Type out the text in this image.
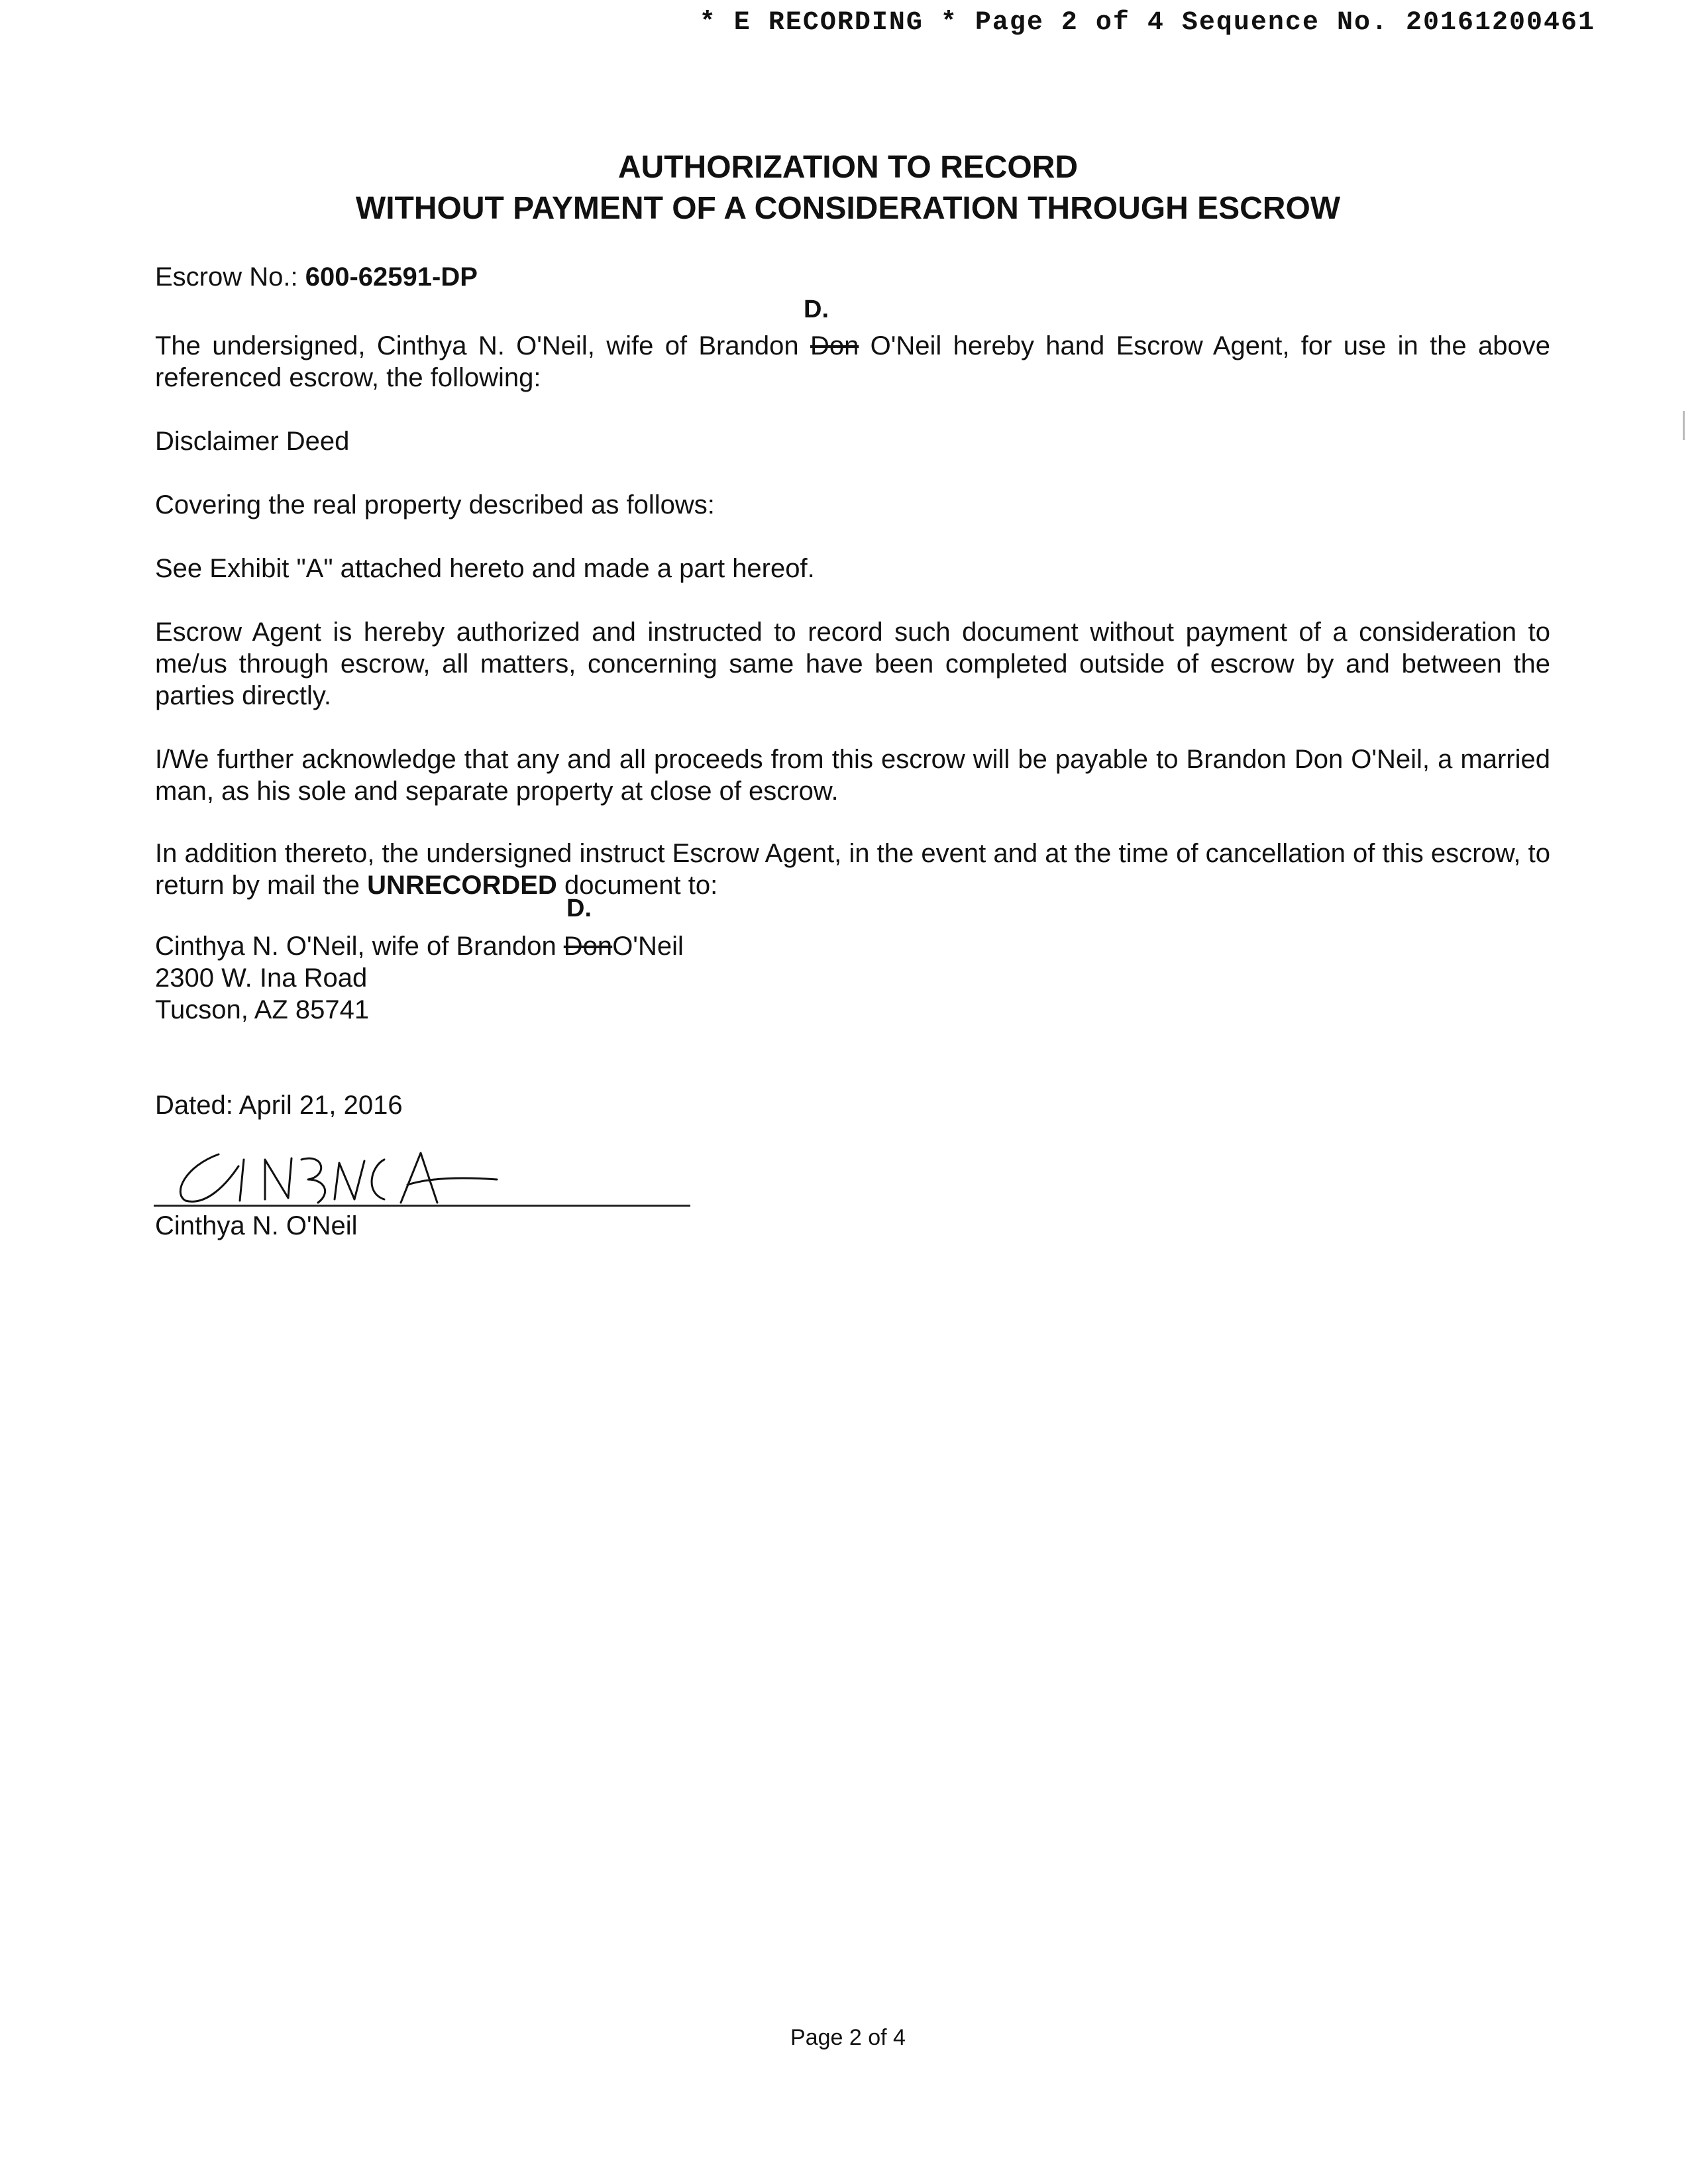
* E RECORDING * Page 2 of 4 Sequence No. 20161200461
AUTHORIZATION TO RECORD
WITHOUT PAYMENT OF A CONSIDERATION THROUGH ESCROW
Escrow No.: 600-62591-DP
D.
The undersigned, Cinthya N. O'Neil, wife of Brandon Don O'Neil hereby hand Escrow Agent, for use in the above referenced escrow, the following:
Disclaimer Deed
Covering the real property described as follows:
See Exhibit "A" attached hereto and made a part hereof.
Escrow Agent is hereby authorized and instructed to record such document without payment of a consideration to me/us through escrow, all matters, concerning same have been completed outside of escrow by and between the parties directly.
I/We further acknowledge that any and all proceeds from this escrow will be payable to Brandon Don O'Neil, a married man, as his sole and separate property at close of escrow.
In addition thereto, the undersigned instruct Escrow Agent, in the event and at the time of cancellation of this escrow, to return by mail the UNRECORDED document to:
D.
Cinthya N. O'Neil, wife of Brandon DonO'Neil
2300 W. Ina Road
Tucson, AZ 85741
Dated: April 21, 2016
Cinthya N. O'Neil
Page 2 of 4
